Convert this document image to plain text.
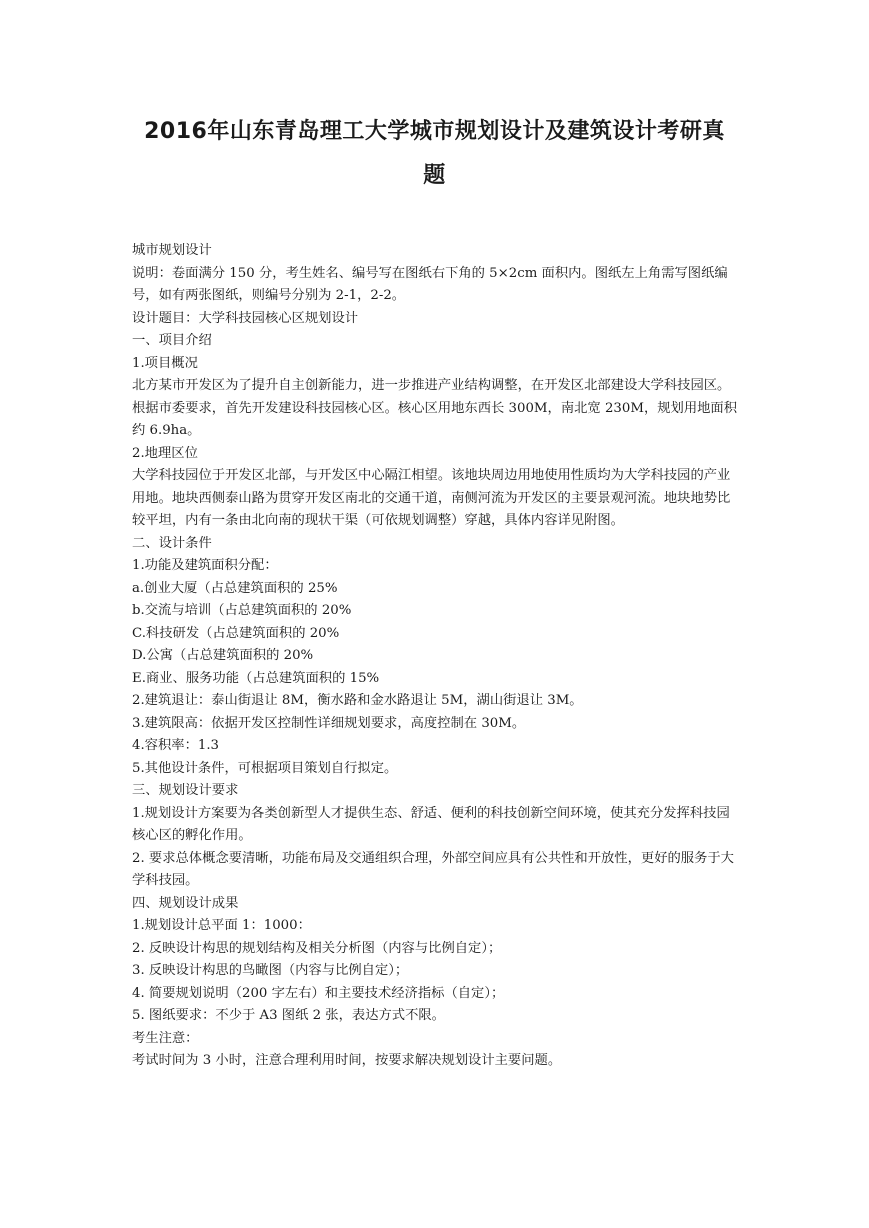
2016年山东青岛理工大学城市规划设计及建筑设计考研真
题

城市规划设计

说明：卷面满分 150 分，考生姓名、编号写在图纸右下角的 5×2cm 面积内。图纸左上角需写图纸编号，如有两张图纸，则编号分别为 2-1，2-2。

设计题目：大学科技园核心区规划设计

一、项目介绍

1.项目概况

北方某市开发区为了提升自主创新能力，进一步推进产业结构调整，在开发区北部建设大学科技园区。根据市委要求，首先开发建设科技园核心区。核心区用地东西长 300M，南北宽 230M，规划用地面积约 6.9ha。

2.地理区位

大学科技园位于开发区北部，与开发区中心隔江相望。该地块周边用地使用性质均为大学科技园的产业用地。地块西侧泰山路为贯穿开发区南北的交通干道，南侧河流为开发区的主要景观河流。地块地势比较平坦，内有一条由北向南的现状干渠（可依规划调整）穿越，具体内容详见附图。

二、设计条件

1.功能及建筑面积分配：

a.创业大厦（占总建筑面积的 25%

b.交流与培训（占总建筑面积的 20%

C.科技研发（占总建筑面积的 20%

D.公寓（占总建筑面积的 20%

E.商业、服务功能（占总建筑面积的 15%

2.建筑退让：泰山街退让 8M，衡水路和金水路退让 5M，湖山街退让 3M。

3.建筑限高：依据开发区控制性详细规划要求，高度控制在 30M。

4.容积率：1.3

5.其他设计条件，可根据项目策划自行拟定。

三、规划设计要求

1.规划设计方案要为各类创新型人才提供生态、舒适、便利的科技创新空间环境，使其充分发挥科技园核心区的孵化作用。

2. 要求总体概念要清晰，功能布局及交通组织合理，外部空间应具有公共性和开放性，更好的服务于大学科技园。

四、规划设计成果

1.规划设计总平面 1：1000：

2. 反映设计构思的规划结构及相关分析图（内容与比例自定）；

3. 反映设计构思的鸟瞰图（内容与比例自定）；

4. 简要规划说明（200 字左右）和主要技术经济指标（自定）；

5. 图纸要求：不少于 A3 图纸 2 张，表达方式不限。

考生注意：

考试时间为 3 小时，注意合理利用时间，按要求解决规划设计主要问题。
